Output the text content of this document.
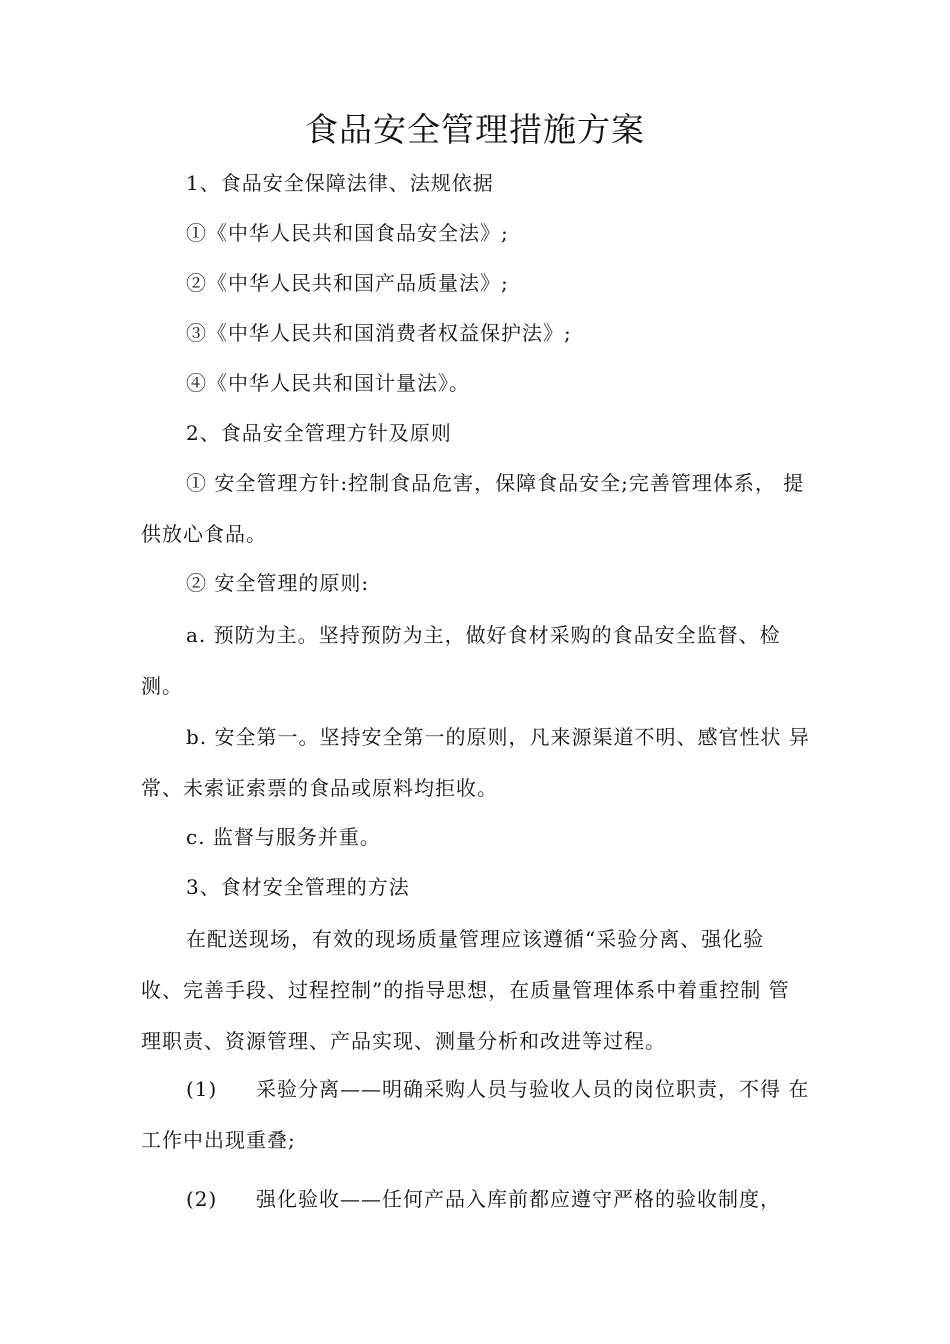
食品安全管理措施方案
1、食品安全保障法律、法规依据
①《中华人民共和国食品安全法》;
②《中华人民共和国产品质量法》;
③《中华人民共和国消费者权益保护法》;
④《中华人民共和国计量法》。
2、食品安全管理方针及原则
① 安全管理方针:控制食品危害，保障食品安全;完善管理体系， 提
供放心食品。
② 安全管理的原则:
a. 预防为主。坚持预防为主，做好食材采购的食品安全监督、检
测。
b. 安全第一。坚持安全第一的原则，凡来源渠道不明、感官性状 异
常、未索证索票的食品或原料均拒收。
c. 监督与服务并重。
3、食材安全管理的方法
在配送现场，有效的现场质量管理应该遵循“采验分离、强化验
收、完善手段、过程控制”的指导思想，在质量管理体系中着重控制 管
理职责、资源管理、产品实现、测量分析和改进等过程。
(1) 采验分离——明确采购人员与验收人员的岗位职责，不得 在
工作中出现重叠;
(2) 强化验收——任何产品入库前都应遵守严格的验收制度，
